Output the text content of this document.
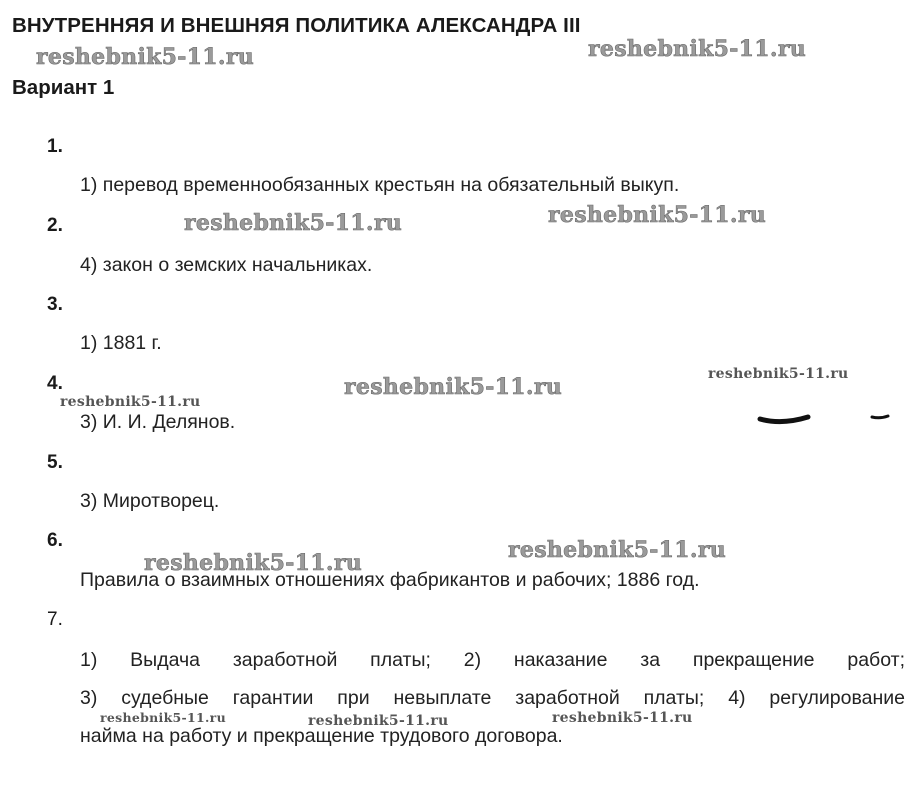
ВНУТРЕННЯЯ И ВНЕШНЯЯ ПОЛИТИКА АЛЕКСАНДРА III
Вариант 1
1.
1) перевод временнообязанных крестьян на обязательный выкуп.
2.
4) закон о земских начальниках.
3.
1) 1881 г.
4.
3) И. И. Делянов.
5.
3) Миротворец.
6.
Правила о взаимных отношениях фабрикантов и рабочих; 1886 год.
7.
1) Выдача заработной платы; 2) наказание за прекращение работ;
3) судебные гарантии при невыплате заработной платы; 4) регулирование
найма на работу и прекращение трудового договора.
reshebnik5-11.ru	reshebnik5-11.ru
reshebnik5-11.ru	reshebnik5-11.ru
reshebnik5-11.ru	reshebnik5-11.ru
reshebnik5-11.ru
reshebnik5-11.ru	reshebnik5-11.ru
reshebnik5-11.ru	reshebnik5-11.ru	reshebnik5-11.ru
